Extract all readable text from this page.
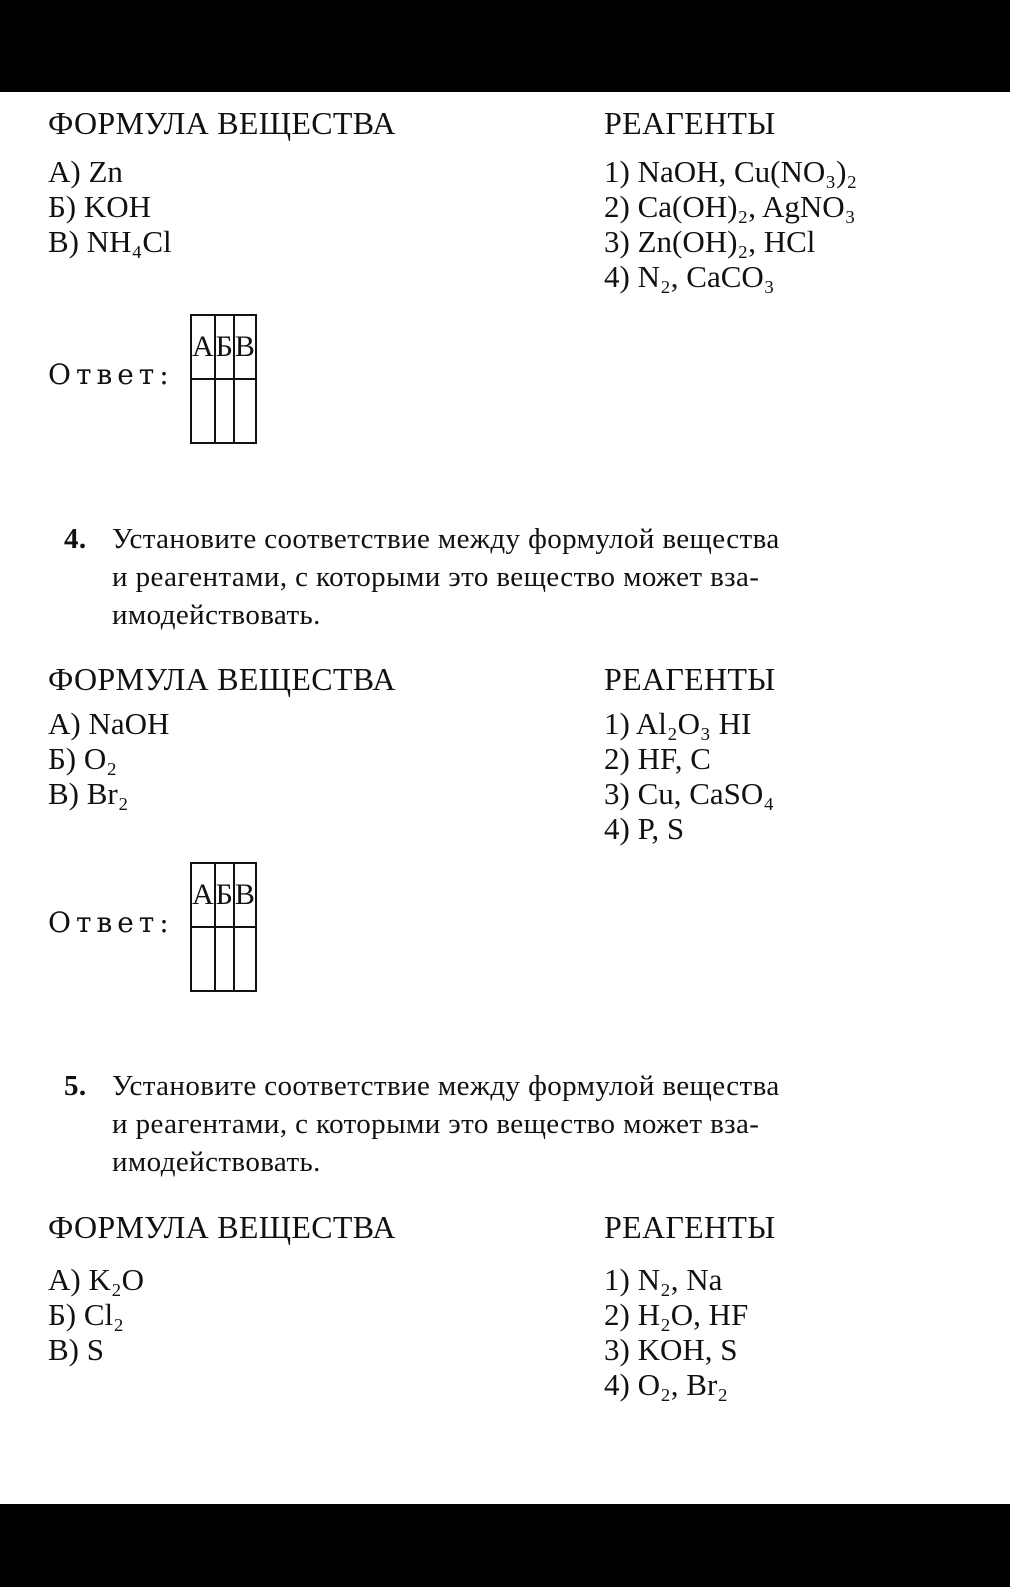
ФОРМУЛА ВЕЩЕСТВА

А) Zn
Б) KOH
В) NH₄Cl

РЕАГЕНТЫ

1) NaOH, Cu(NO₃)₂
2) Ca(OH)₂, AgNO₃
3) Zn(OH)₂, HCl
4) N₂, CaCO₃
Ответ:
А	Б	В

4. Установите соответствие между формулой вещества
и реагентами, с которыми это вещество может вза-
имодействовать.

ФОРМУЛА ВЕЩЕСТВА

А) NaOH
Б) O₂
В) Br₂

РЕАГЕНТЫ

1) Al₂O₃ HI
2) HF, C
3) Cu, CaSO₄
4) P, S
Ответ:
А	Б	В

5. Установите соответствие между формулой вещества
и реагентами, с которыми это вещество может вза-
имодействовать.

ФОРМУЛА ВЕЩЕСТВА

А) K₂O
Б) Cl₂
В) S

РЕАГЕНТЫ

1) N₂, Na
2) H₂O, HF
3) KOH, S
4) O₂, Br₂
